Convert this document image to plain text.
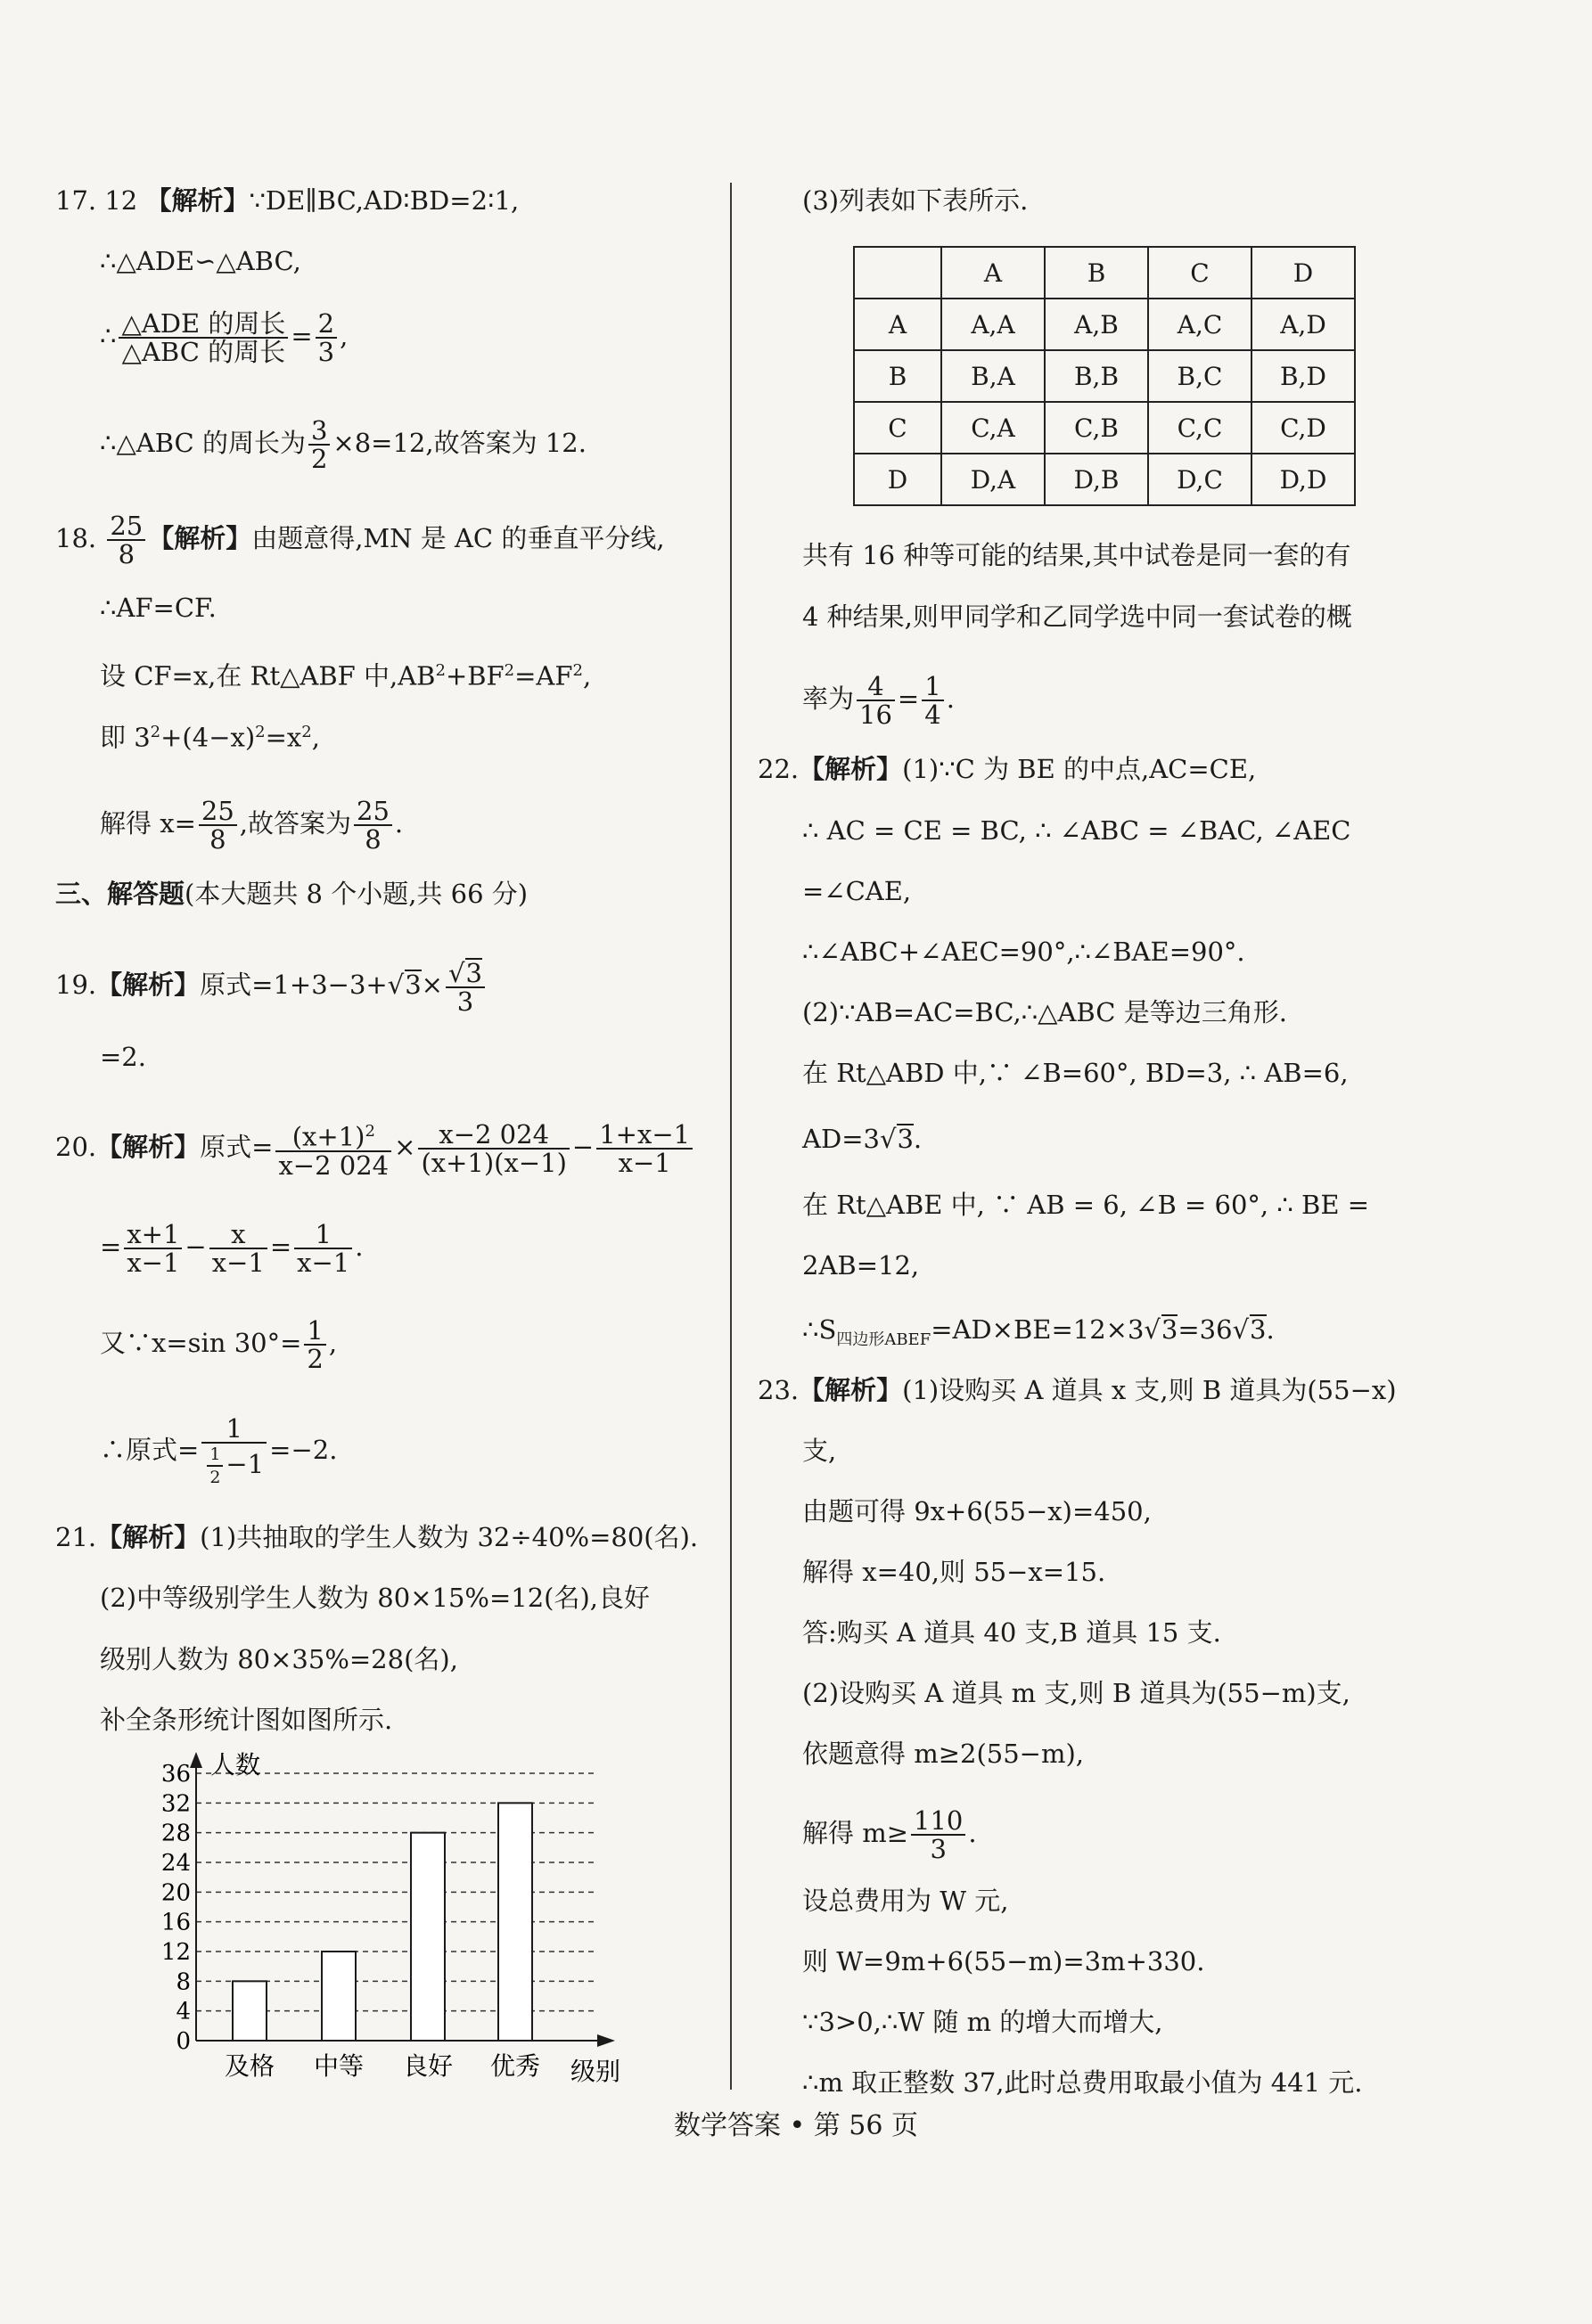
17. 12 【解析】∵DE∥BC,AD∶BD=2∶1,
∴△ADE∽△ABC,
∴ $\frac{\text{△ADE 的周长}}{\text{△ABC 的周长}} = \frac{2}{3}$ ,
∴△ABC 的周长为 $\frac{3}{2} \times 8=12$,故答案为 12.
18. $\frac{25}{8}$ 【解析】由题意得,MN 是 AC 的垂直平分线,
∴AF=CF.
设 CF=x,在 Rt△ABF 中$,AB^2+BF^2=AF^2$,
即 $3^2+(4-x)^2=x^2$,
解得 $x= \frac{25}{8}$ ,故答案为 $\frac{25}{8}$ .
三、解答题(本大题共 8 个小题,共 66 分)
19.【解析】原式$=1+3-3+√3\times \frac{√3}{3}$
=2.
20.【解析】原式= $\frac{(x+1)^2}{x-2 024} \times \frac{x-2 024}{(x+1)(x-1)} - \frac{1+x-1}{x-1}$
= $\frac{x+1}{x-1} - \frac{x}{x-1} = \frac{1}{x-1}$ .
又∵x=sin $30^\circ= \frac{1}{2}$ ,
∴原式= $\frac{1}{\frac{1}{2} -1} =-2$.
21.【解析】(1)共抽取的学生人数为 32÷40%=80(名).
(2)中等级别学生人数为 80×15%=12(名),良好
级别人数为 80×35%=28(名),
补全条形统计图如图所示.
人数
级别
0
4
8
12
16
20
24
28
32
36
及格 中等 良好 优秀
(3)列表如下表所示.
	A	B	C	D
A	A,A	A,B	A,C	A,D
B	B,A	B,B	B,C	B,D
C	C,A	C,B	C,C	C,D
D	D,A	D,B	D,C	D,D
共有 16 种等可能的结果,其中试卷是同一套的有
4 种结果,则甲同学和乙同学选中同一套试卷的概
率为 $\frac{4}{16} = \frac{1}{4}$ .
22.【解析】(1)∵C 为 BE 的中点,AC=CE,
∴ AC = CE = BC, ∴ ∠ABC = ∠BAC, ∠AEC
=∠CAE,
∴∠ABC+∠AEC=90°,∴∠BAE=90°.
(2)∵AB=AC=BC,∴△ABC 是等边三角形.
在 Rt△ABD 中,∵ ∠B=60°, BD=3, ∴ AB=6,
AD=3√3.
在 Rt△ABE 中, ∵ AB = 6, ∠B = 60°, ∴ BE =
2AB=12,
$\therefore S_{四边形ABEF}=AD\times BE=12\times 3√3=36√3$.
23.【解析】(1)设购买 A 道具 x 支,则 B 道具为(55−x)
支,
由题可得 9x+6(55−x)=450,
解得 x=40,则 55−x=15.
答:购买 A 道具 40 支,B 道具 15 支.
(2)设购买 A 道具 m 支,则 B 道具为(55−m)支,
依题意得 m≥2(55−m),
解得 $m\ge \frac{110}{3}$ .
设总费用为 W 元,
则 W=9m+6(55−m)=3m+330.
∵3>0,∴W 随 m 的增大而增大,
∴m 取正整数 37,此时总费用取最小值为 441 元.
数学答案 • 第 56 页
